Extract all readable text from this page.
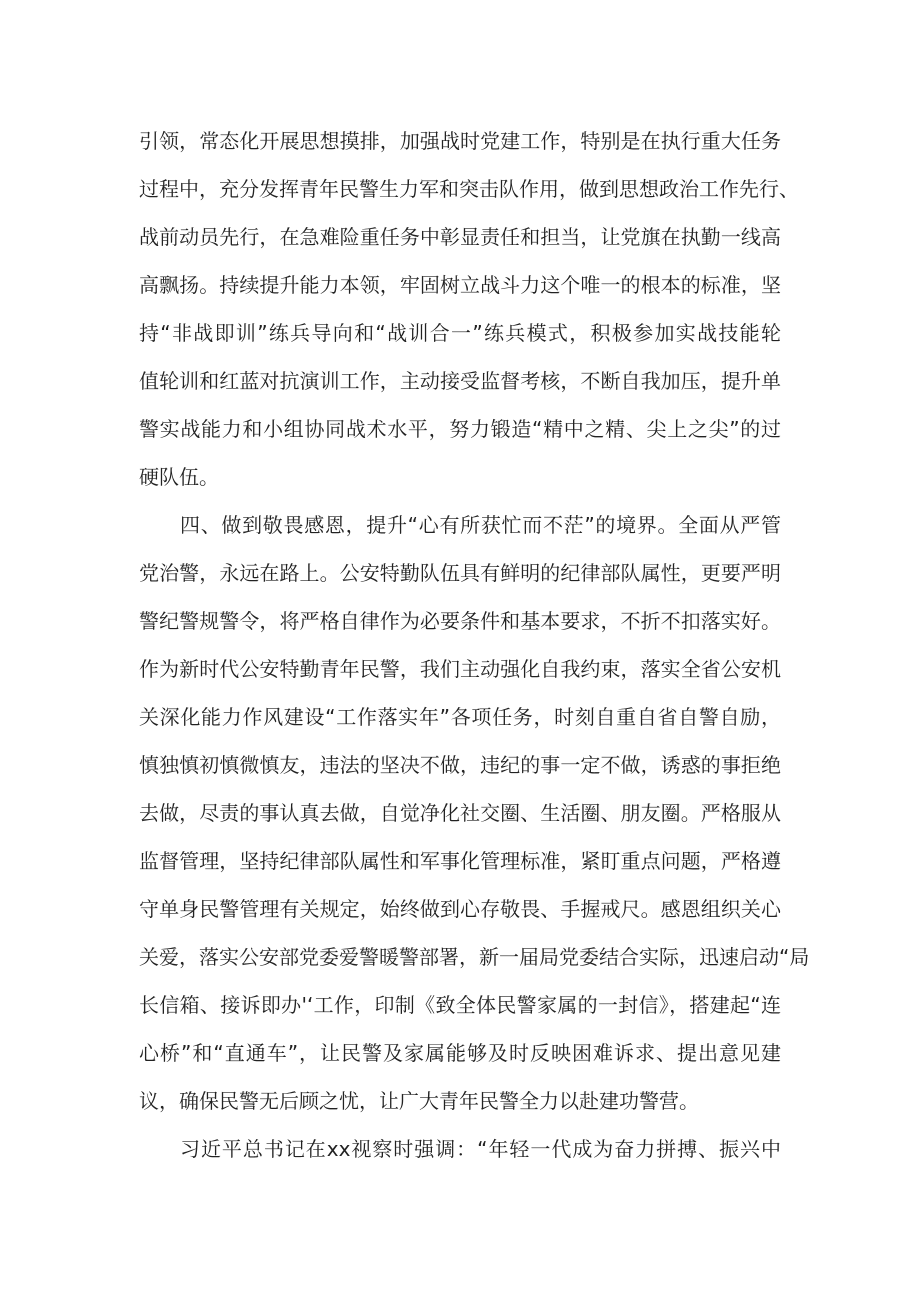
引领，常态化开展思想摸排，加强战时党建工作，特别是在执行重大任务
过程中，充分发挥青年民警生力军和突击队作用，做到思想政治工作先行、
战前动员先行，在急难险重任务中彰显责任和担当，让党旗在执勤一线高
高飘扬。持续提升能力本领，牢固树立战斗力这个唯一的根本的标准，坚
持“非战即训”练兵导向和“战训合一”练兵模式，积极参加实战技能轮
值轮训和红蓝对抗演训工作，主动接受监督考核，不断自我加压，提升单
警实战能力和小组协同战术水平，努力锻造“精中之精、尖上之尖”的过
硬队伍。
四、做到敬畏感恩，提升“心有所获忙而不茫”的境界。全面从严管
党治警，永远在路上。公安特勤队伍具有鲜明的纪律部队属性，更要严明
警纪警规警令，将严格自律作为必要条件和基本要求，不折不扣落实好。
作为新时代公安特勤青年民警，我们主动强化自我约束，落实全省公安机
关深化能力作风建设“工作落实年”各项任务，时刻自重自省自警自励，
慎独慎初慎微慎友，违法的坚决不做，违纪的事一定不做，诱惑的事拒绝
去做，尽责的事认真去做，自觉净化社交圈、生活圈、朋友圈。严格服从
监督管理，坚持纪律部队属性和军事化管理标准，紧盯重点问题，严格遵
守单身民警管理有关规定，始终做到心存敬畏、手握戒尺。感恩组织关心
关爱，落实公安部党委爱警暖警部署，新一届局党委结合实际，迅速启动“局
长信箱、接诉即办'‘工作，印制《致全体民警家属的一封信》，搭建起“连
心桥”和“直通车”，让民警及家属能够及时反映困难诉求、提出意见建
议，确保民警无后顾之忧，让广大青年民警全力以赴建功警营。
习近平总书记在xx视察时强调：“年轻一代成为奋力拼搏、振兴中
